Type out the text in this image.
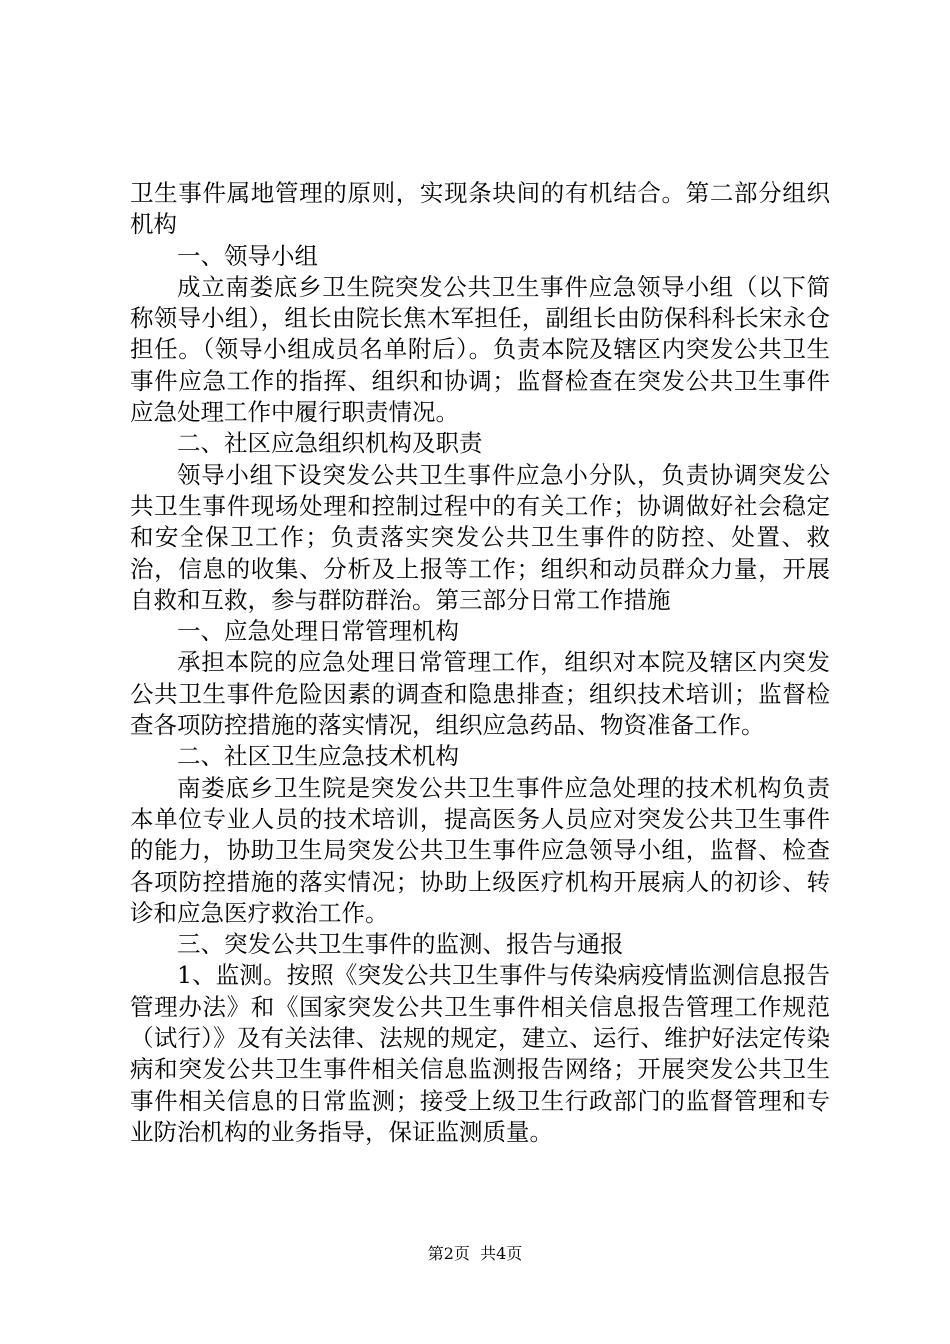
卫生事件属地管理的原则，实现条块间的有机结合。第二部分组织机构

一、领导小组

成立南娄底乡卫生院突发公共卫生事件应急领导小组（以下简称领导小组），组长由院长焦木军担任，副组长由防保科科长宋永仓担任。（领导小组成员名单附后）。负责本院及辖区内突发公共卫生事件应急工作的指挥、组织和协调；监督检查在突发公共卫生事件应急处理工作中履行职责情况。

二、社区应急组织机构及职责

领导小组下设突发公共卫生事件应急小分队，负责协调突发公共卫生事件现场处理和控制过程中的有关工作；协调做好社会稳定和安全保卫工作；负责落实突发公共卫生事件的防控、处置、救治，信息的收集、分析及上报等工作；组织和动员群众力量，开展自救和互救，参与群防群治。第三部分日常工作措施

一、应急处理日常管理机构

承担本院的应急处理日常管理工作，组织对本院及辖区内突发公共卫生事件危险因素的调查和隐患排查；组织技术培训；监督检查各项防控措施的落实情况，组织应急药品、物资准备工作。

二、社区卫生应急技术机构

南娄底乡卫生院是突发公共卫生事件应急处理的技术机构负责本单位专业人员的技术培训，提高医务人员应对突发公共卫生事件的能力，协助卫生局突发公共卫生事件应急领导小组，监督、检查各项防控措施的落实情况；协助上级医疗机构开展病人的初诊、转诊和应急医疗救治工作。

三、突发公共卫生事件的监测、报告与通报

1、监测。按照《突发公共卫生事件与传染病疫情监测信息报告管理办法》和《国家突发公共卫生事件相关信息报告管理工作规范（试行）》及有关法律、法规的规定，建立、运行、维护好法定传染病和突发公共卫生事件相关信息监测报告网络；开展突发公共卫生事件相关信息的日常监测；接受上级卫生行政部门的监督管理和专业防治机构的业务指导，保证监测质量。

第2页  共4页
